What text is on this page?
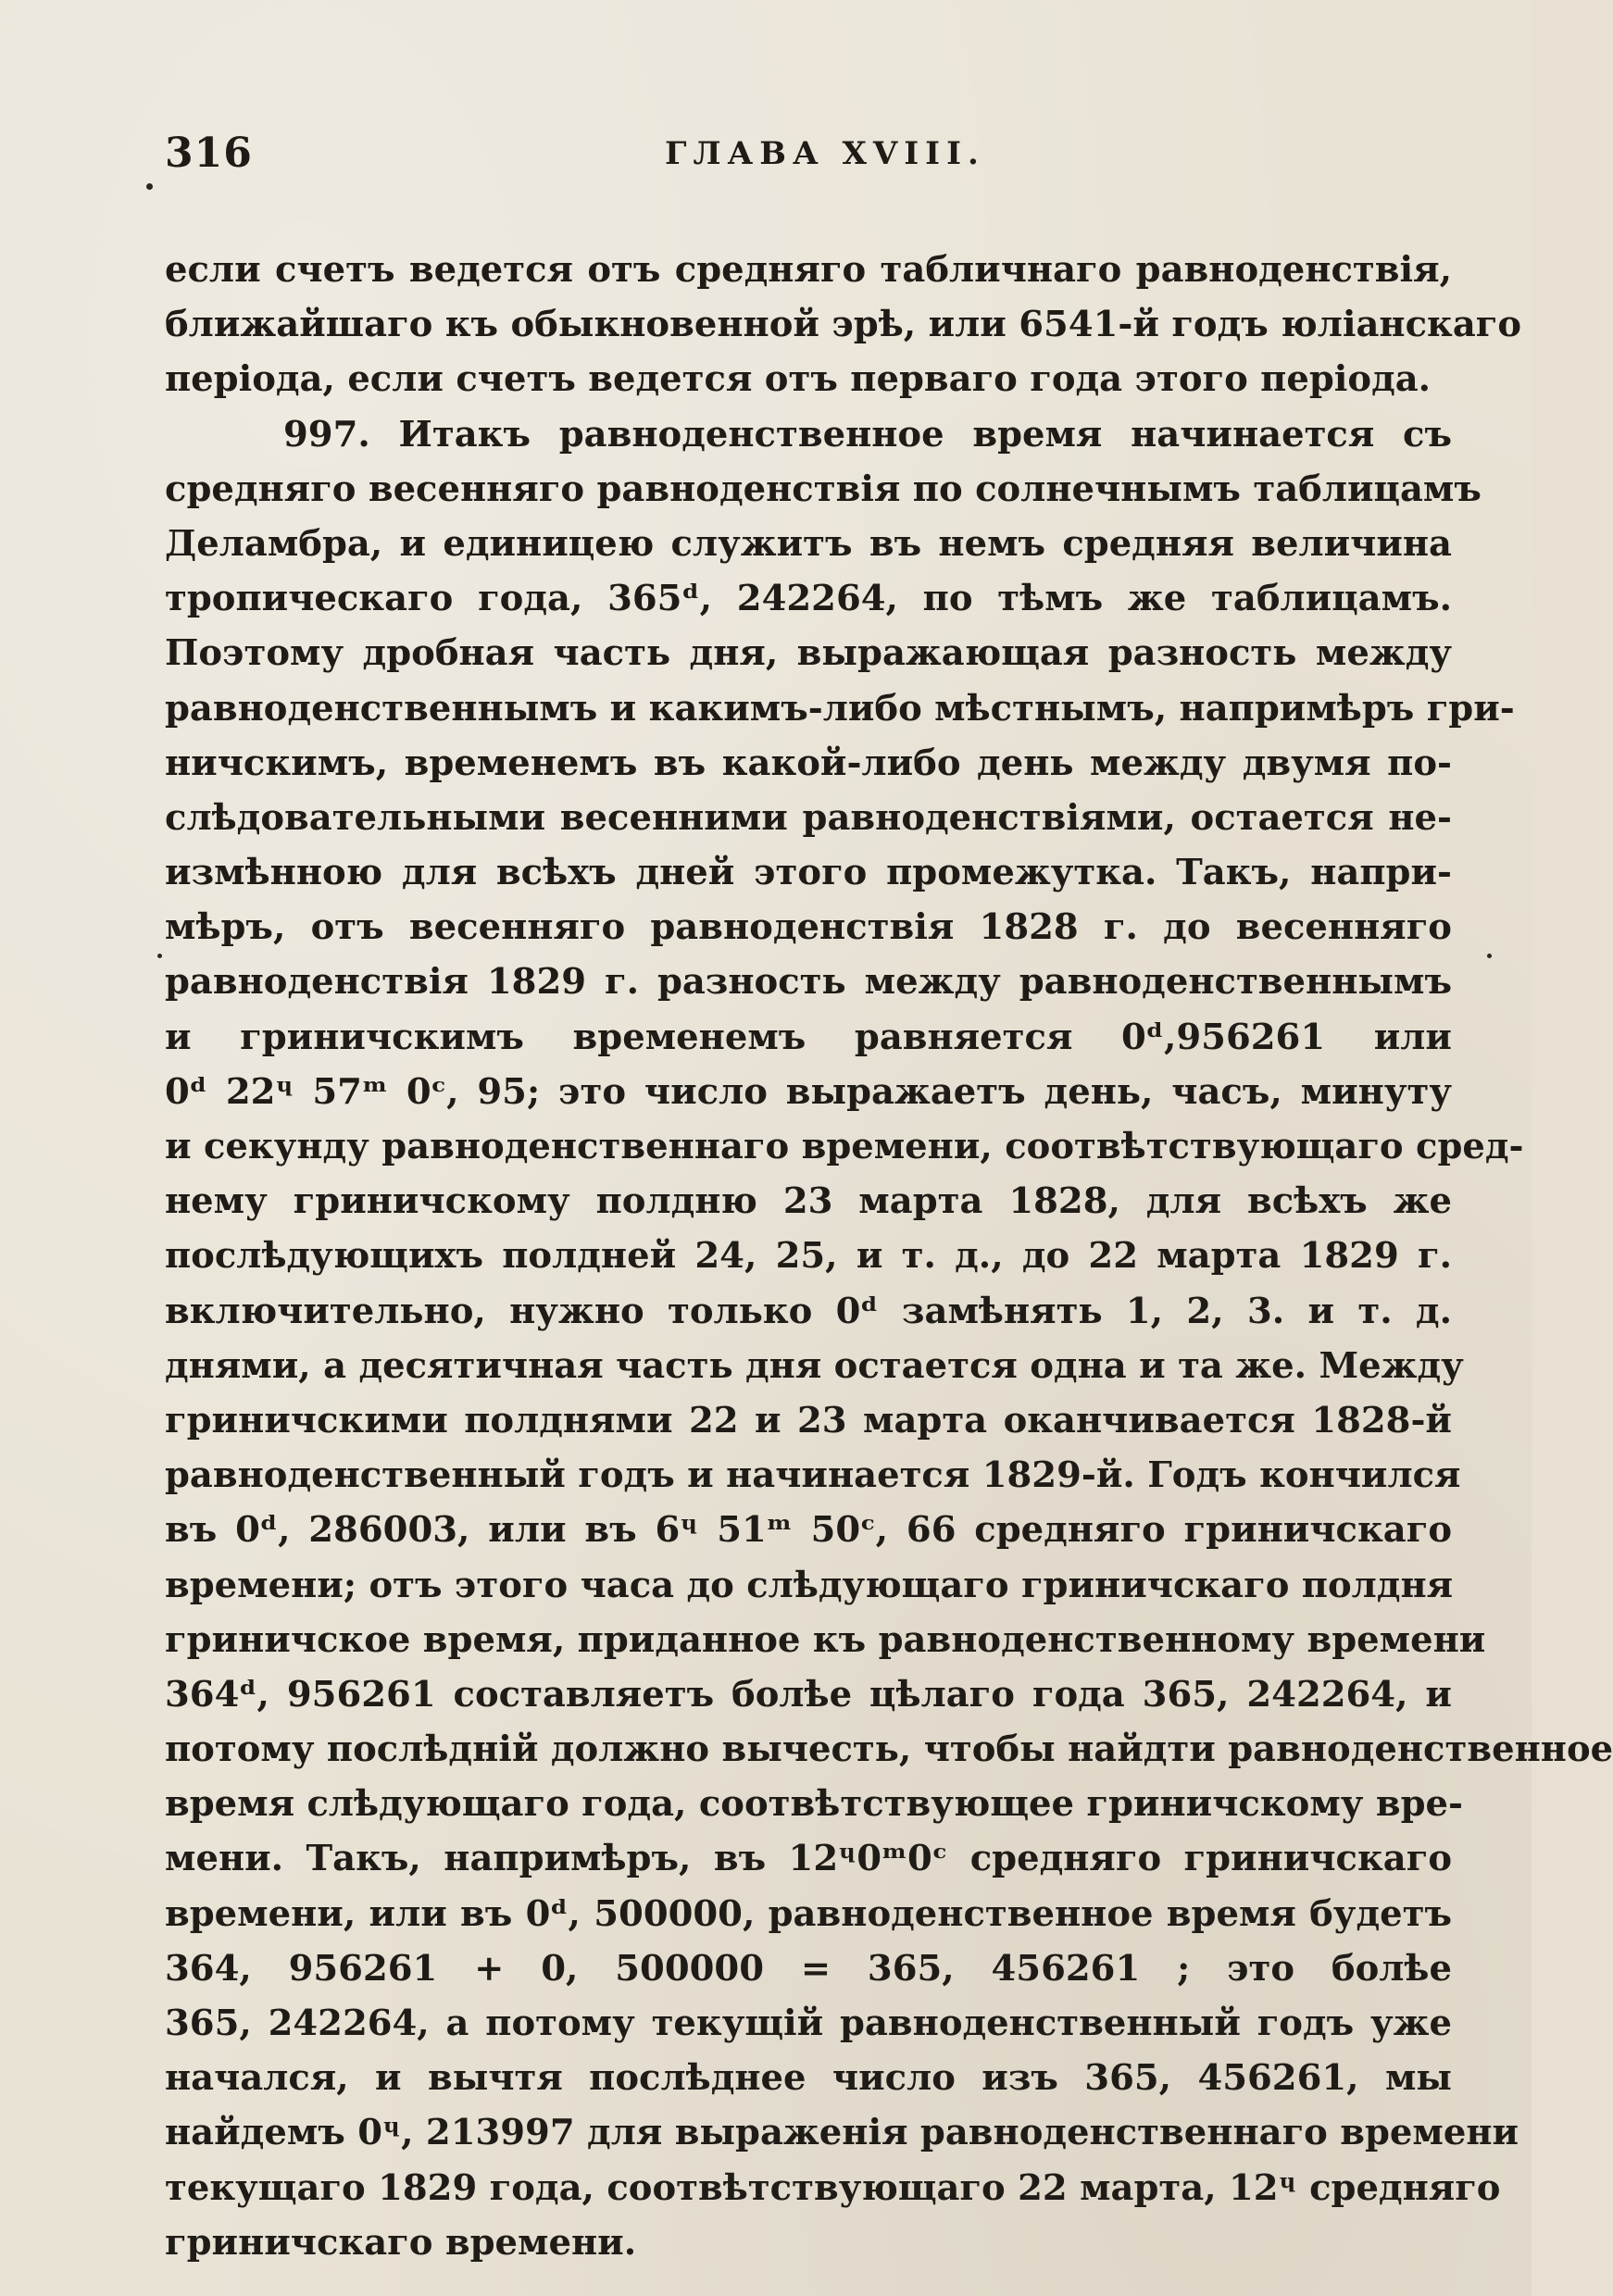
316	ГЛАВА XVIII.
если счетъ ведется отъ средняго табличнаго равноденствія,
ближайшаго къ обыкновенной эрѣ, или 6541-й годъ юліанскаго
періода, если счетъ ведется отъ перваго года этого періода.
997. Итакъ равноденственное время начинается съ
средняго весенняго равноденствія по солнечнымъ таблицамъ
Деламбра, и единицею служитъ въ немъ средняя величина
тропическаго года, 365ᵈ, 242264, по тѣмъ же таблицамъ.
Поэтому дробная часть дня, выражающая разность между
равноденственнымъ и какимъ-либо мѣстнымъ, напримѣръ гри-
ничскимъ, временемъ въ какой-либо день между двумя по-
слѣдовательными весенними равноденствіями, остается не-
измѣнною для всѣхъ дней этого промежутка. Такъ, напри-
мѣръ, отъ весенняго равноденствія 1828 г. до весенняго
равноденствія 1829 г. разность между равноденственнымъ
и гриничскимъ временемъ равняется 0ᵈ,956261 или
0ᵈ 22ᶣ 57ᵐ 0ᶜ, 95; это число выражаетъ день, часъ, минуту
и секунду равноденственнаго времени, соотвѣтствующаго сред-
нему гриничскому полдню 23 марта 1828, для всѣхъ же
послѣдующихъ полдней 24, 25, и т. д., до 22 марта 1829 г.
включительно, нужно только 0ᵈ замѣнять 1, 2, 3. и т. д.
днями, а десятичная часть дня остается одна и та же. Между
гриничскими полднями 22 и 23 марта оканчивается 1828-й
равноденственный годъ и начинается 1829-й. Годъ кончился
въ 0ᵈ, 286003, или въ 6ᶣ 51ᵐ 50ᶜ, 66 средняго гриничскаго
времени; отъ этого часа до слѣдующаго гриничскаго полдня
гриничское время, приданное къ равноденственному времени
364ᵈ, 956261 составляетъ болѣе цѣлаго года 365, 242264, и
потому послѣдній должно вычесть, чтобы найдти равноденственное
время слѣдующаго года, соотвѣтствующее гриничскому вре-
мени. Такъ, напримѣръ, въ 12ᶣ0ᵐ0ᶜ средняго гриничскаго
времени, или въ 0ᵈ, 500000, равноденственное время будетъ
364, 956261 + 0, 500000 = 365, 456261 ; это болѣе
365, 242264, а потому текущій равноденственный годъ уже
начался, и вычтя послѣднее число изъ 365, 456261, мы
найдемъ 0ᶣ, 213997 для выраженія равноденственнаго времени
текущаго 1829 года, соотвѣтствующаго 22 марта, 12ᶣ средняго
гриничскаго времени.
